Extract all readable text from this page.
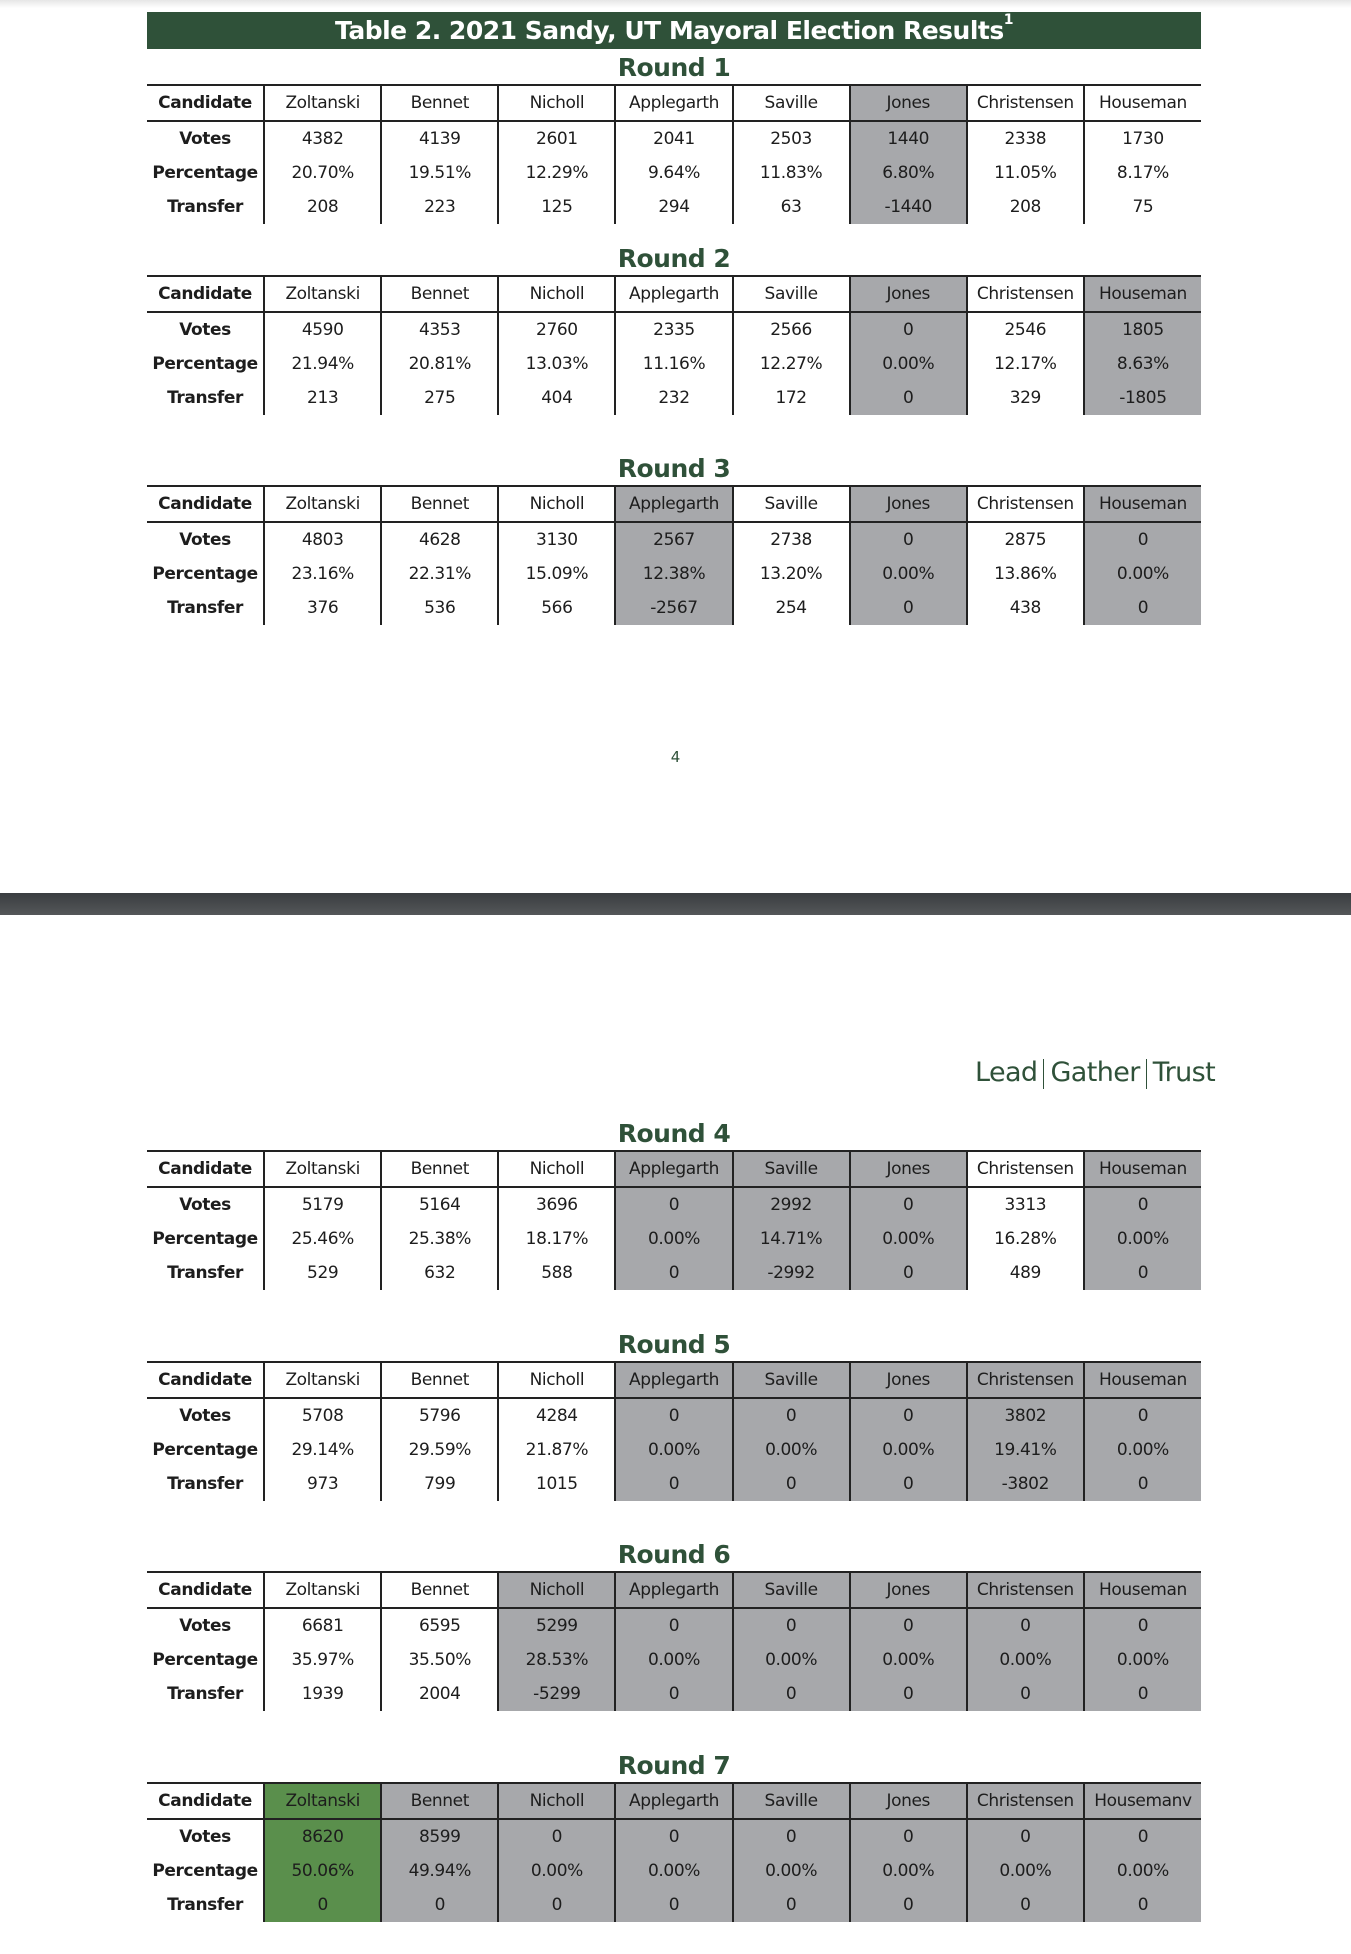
Table 2. 2021 Sandy, UT Mayoral Election Results$^1$
Round 1
Candidate	Zoltanski	Bennet	Nicholl	Applegarth	Saville	Jones	Christensen	Houseman
Votes	4382	4139	2601	2041	2503	1440	2338	1730
Percentage	20.70%	19.51%	12.29%	9.64%	11.83%	6.80%	11.05%	8.17%
Transfer	208	223	125	294	63	-1440	208	75
Round 2
Candidate	Zoltanski	Bennet	Nicholl	Applegarth	Saville	Jones	Christensen	Houseman
Votes	4590	4353	2760	2335	2566	0	2546	1805
Percentage	21.94%	20.81%	13.03%	11.16%	12.27%	0.00%	12.17%	8.63%
Transfer	213	275	404	232	172	0	329	-1805
Round 3
Candidate	Zoltanski	Bennet	Nicholl	Applegarth	Saville	Jones	Christensen	Houseman
Votes	4803	4628	3130	2567	2738	0	2875	0
Percentage	23.16%	22.31%	15.09%	12.38%	13.20%	0.00%	13.86%	0.00%
Transfer	376	536	566	-2567	254	0	438	0
Round 4
Candidate	Zoltanski	Bennet	Nicholl	Applegarth	Saville	Jones	Christensen	Houseman
Votes	5179	5164	3696	0	2992	0	3313	0
Percentage	25.46%	25.38%	18.17%	0.00%	14.71%	0.00%	16.28%	0.00%
Transfer	529	632	588	0	-2992	0	489	0
Round 5
Candidate	Zoltanski	Bennet	Nicholl	Applegarth	Saville	Jones	Christensen	Houseman
Votes	5708	5796	4284	0	0	0	3802	0
Percentage	29.14%	29.59%	21.87%	0.00%	0.00%	0.00%	19.41%	0.00%
Transfer	973	799	1015	0	0	0	-3802	0
Round 6
Candidate	Zoltanski	Bennet	Nicholl	Applegarth	Saville	Jones	Christensen	Houseman
Votes	6681	6595	5299	0	0	0	0	0
Percentage	35.97%	35.50%	28.53%	0.00%	0.00%	0.00%	0.00%	0.00%
Transfer	1939	2004	-5299	0	0	0	0	0
Round 7
Candidate	Zoltanski	Bennet	Nicholl	Applegarth	Saville	Jones	Christensen	Housemanv
Votes	8620	8599	0	0	0	0	0	0
Percentage	50.06%	49.94%	0.00%	0.00%	0.00%	0.00%	0.00%	0.00%
Transfer	0	0	0	0	0	0	0	0
4
Lead Gather Trust
